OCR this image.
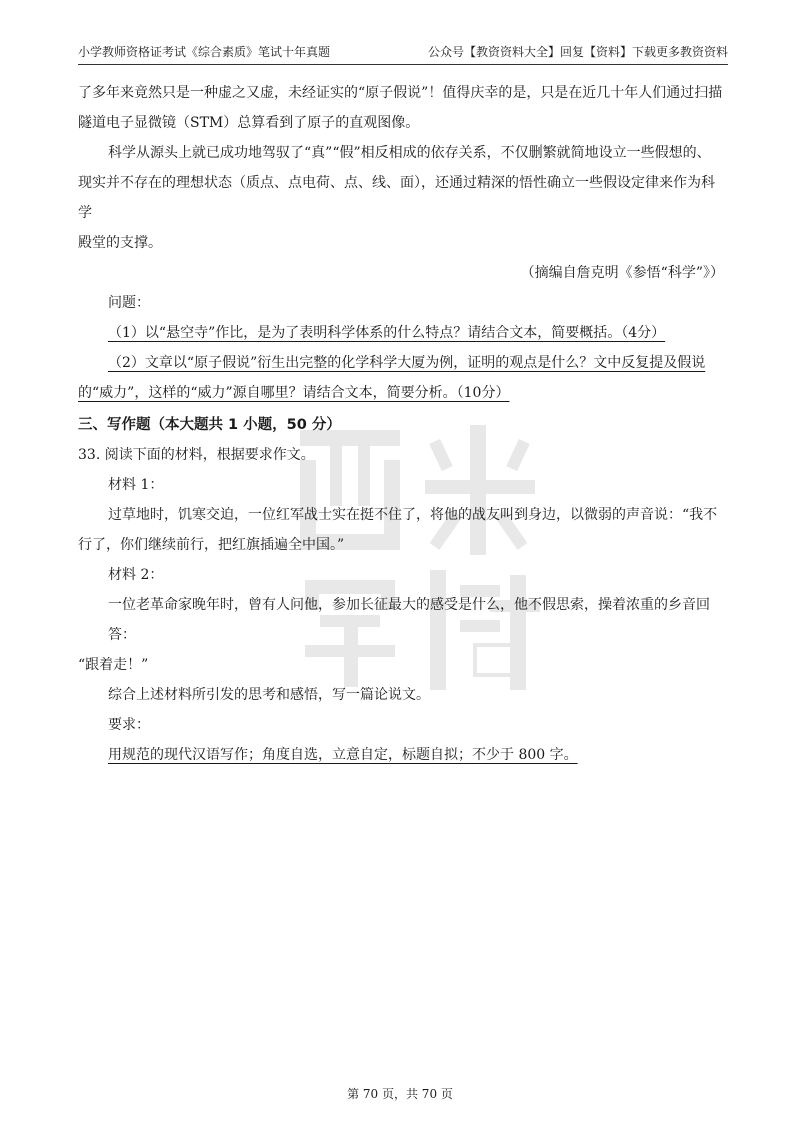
小学教师资格证考试《综合素质》笔试十年真题	公众号【教资资料大全】回复【资料】下载更多教资资料

了多年来竟然只是一种虚之又虚，未经证实的“原子假说”！值得庆幸的是，只是在近几十年人们通过扫描

隧道电子显微镜（STM）总算看到了原子的直观图像。

科学从源头上就已成功地驾驭了“真”“假”相反相成的依存关系，不仅删繁就简地设立一些假想的、

现实并不存在的理想状态（质点、点电荷、点、线、面），还通过精深的悟性确立一些假设定律来作为科学

殿堂的支撑。

（摘编自詹克明《参悟“科学”》）

问题：

（1）以“悬空寺”作比，是为了表明科学体系的什么特点？请结合文本，简要概括。（4分）

（2）文章以“原子假说”衍生出完整的化学科学大厦为例，证明的观点是什么？文中反复提及假说

的“威力”，这样的“威力”源自哪里？请结合文本，简要分析。（10分）

三、写作题（本大题共 1 小题，50 分）

33. 阅读下面的材料，根据要求作文。

材料 1：

过草地时，饥寒交迫，一位红军战士实在挺不住了，将他的战友叫到身边，以微弱的声音说：“我不

行了，你们继续前行，把红旗插遍全中国。”

材料 2：

一位老革命家晚年时，曾有人问他，参加长征最大的感受是什么，他不假思索，操着浓重的乡音回答：

“跟着走！”

综合上述材料所引发的思考和感悟，写一篇论说文。

要求：

用规范的现代汉语写作；角度自选，立意自定，标题自拟；不少于 800 字。

第 70 页，共 70 页
